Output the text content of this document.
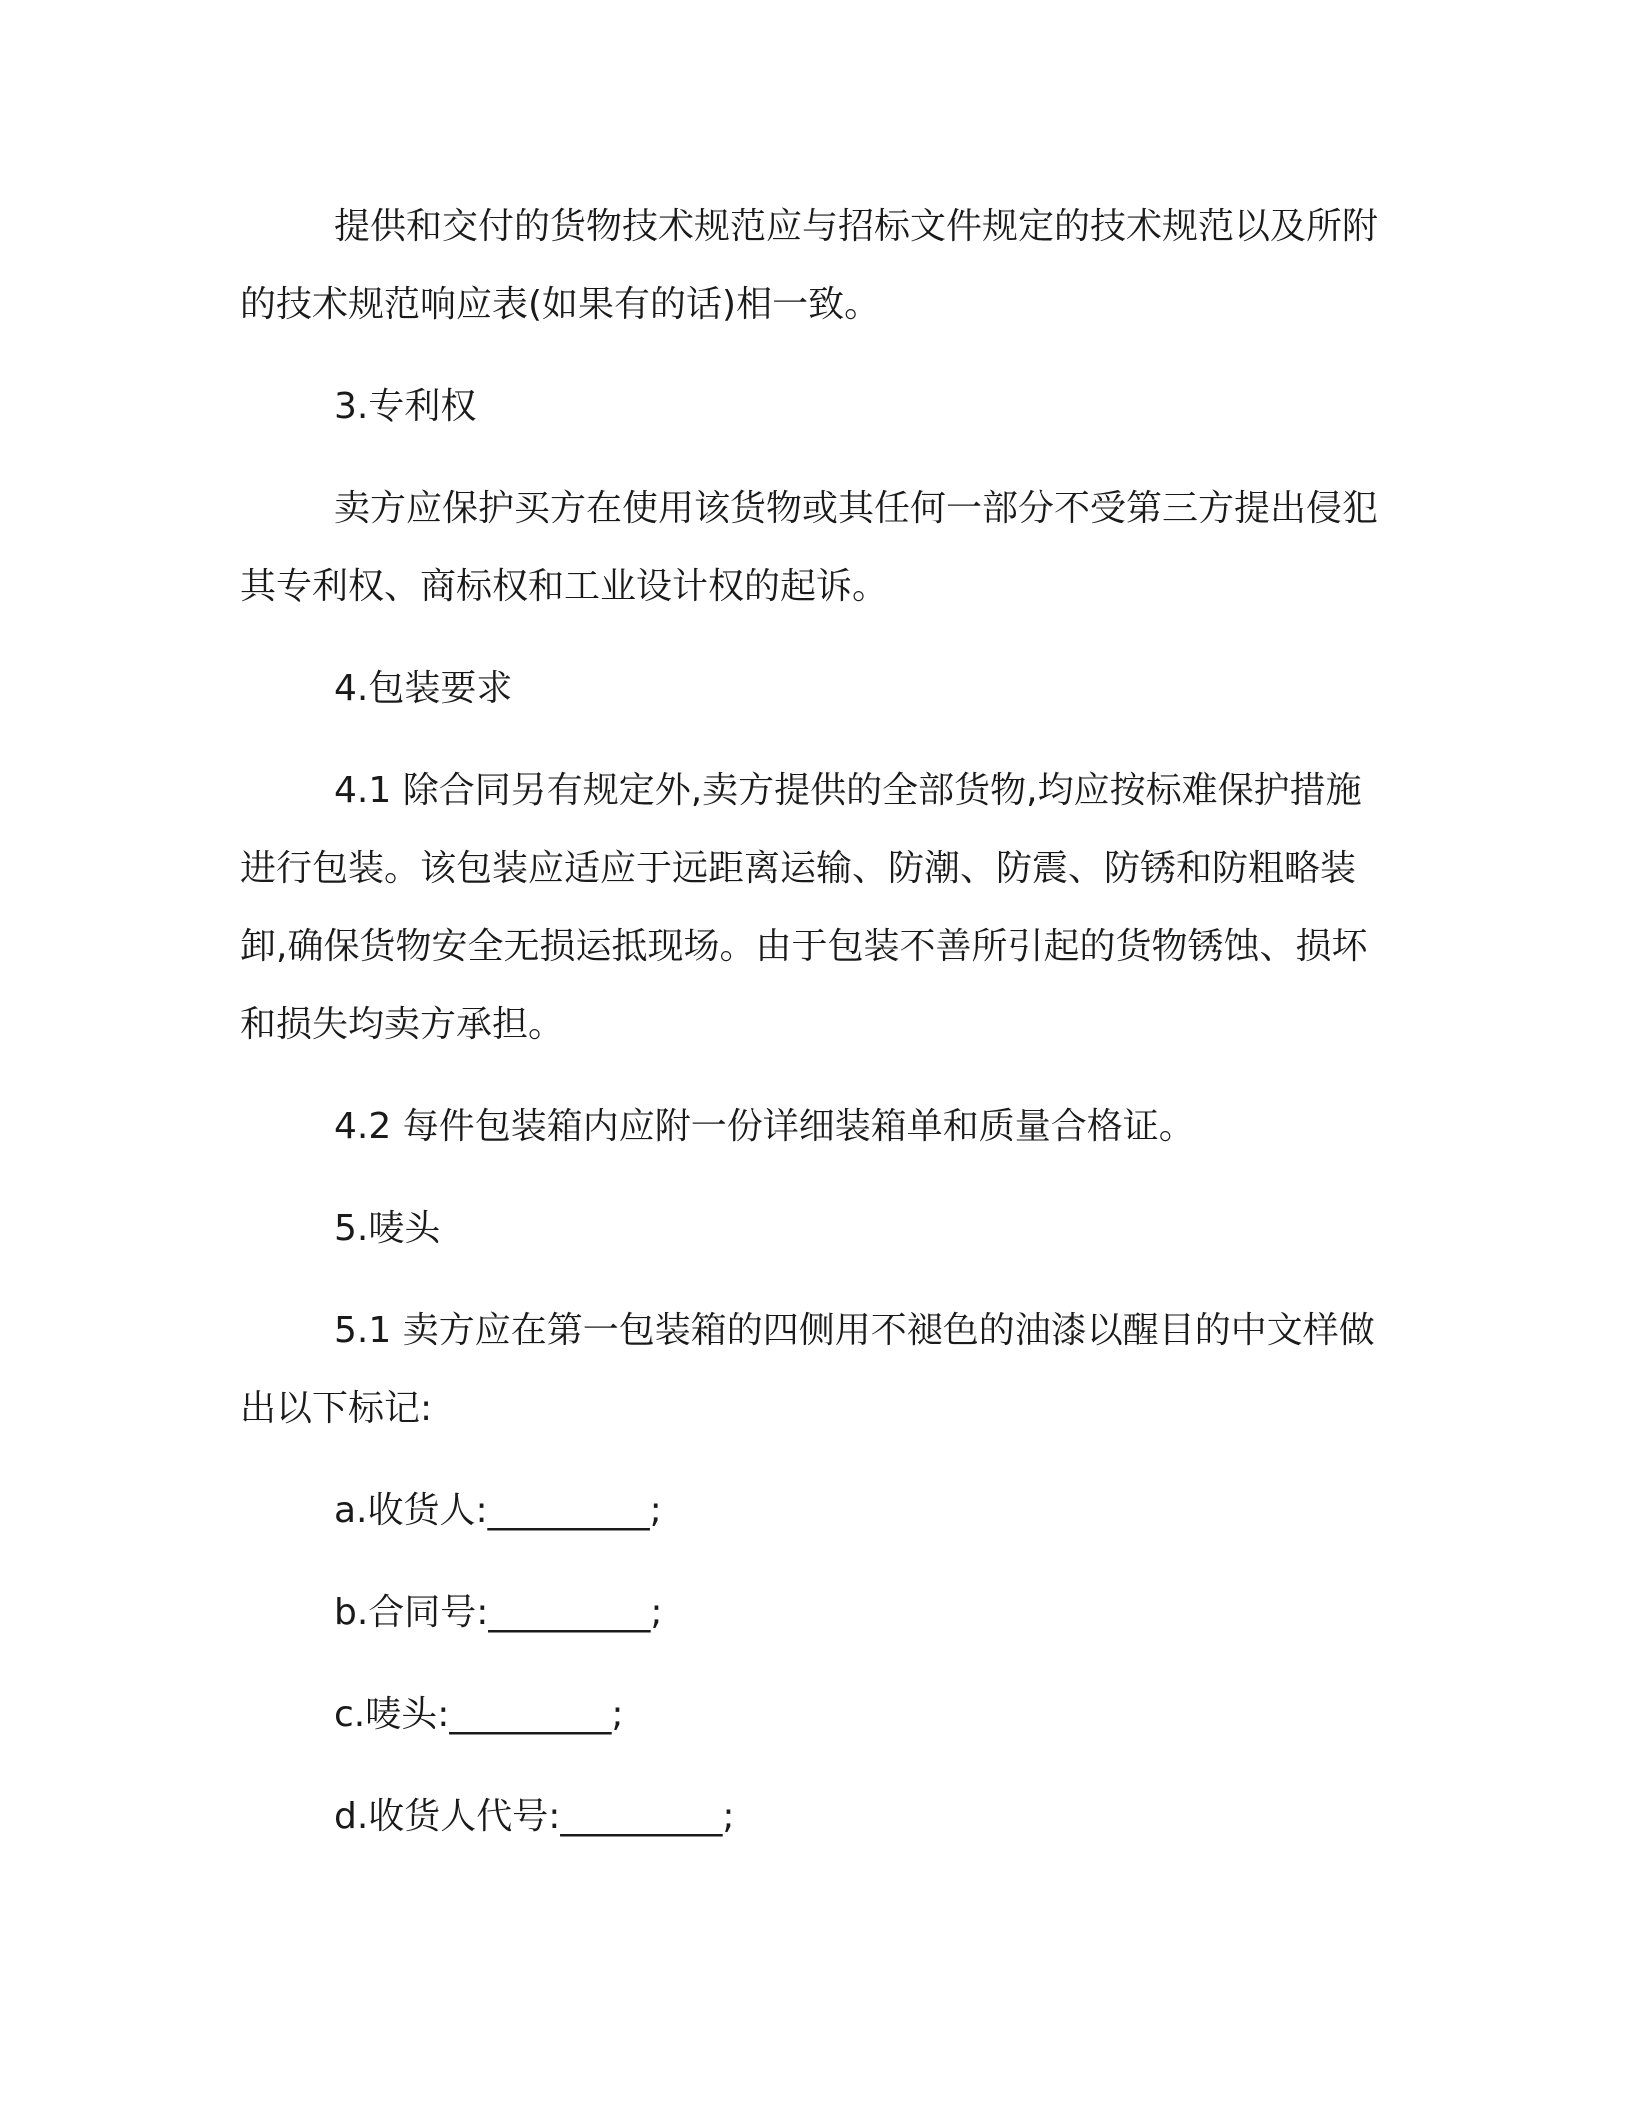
提供和交付的货物技术规范应与招标文件规定的技术规范以及所附的技术规范响应表(如果有的话)相一致。

3.专利权

卖方应保护买方在使用该货物或其任何一部分不受第三方提出侵犯其专利权、商标权和工业设计权的起诉。

4.包装要求

4.1 除合同另有规定外,卖方提供的全部货物,均应按标难保护措施进行包装。该包装应适应于远距离运输、防潮、防震、防锈和防粗略装卸,确保货物安全无损运抵现场。由于包装不善所引起的货物锈蚀、损坏和损失均卖方承担。

4.2 每件包装箱内应附一份详细装箱单和质量合格证。

5.唛头

5.1 卖方应在第一包装箱的四侧用不褪色的油漆以醒目的中文样做出以下标记:

a.收货人:_________;

b.合同号:_________;

c.唛头:_________;

d.收货人代号:_________;
